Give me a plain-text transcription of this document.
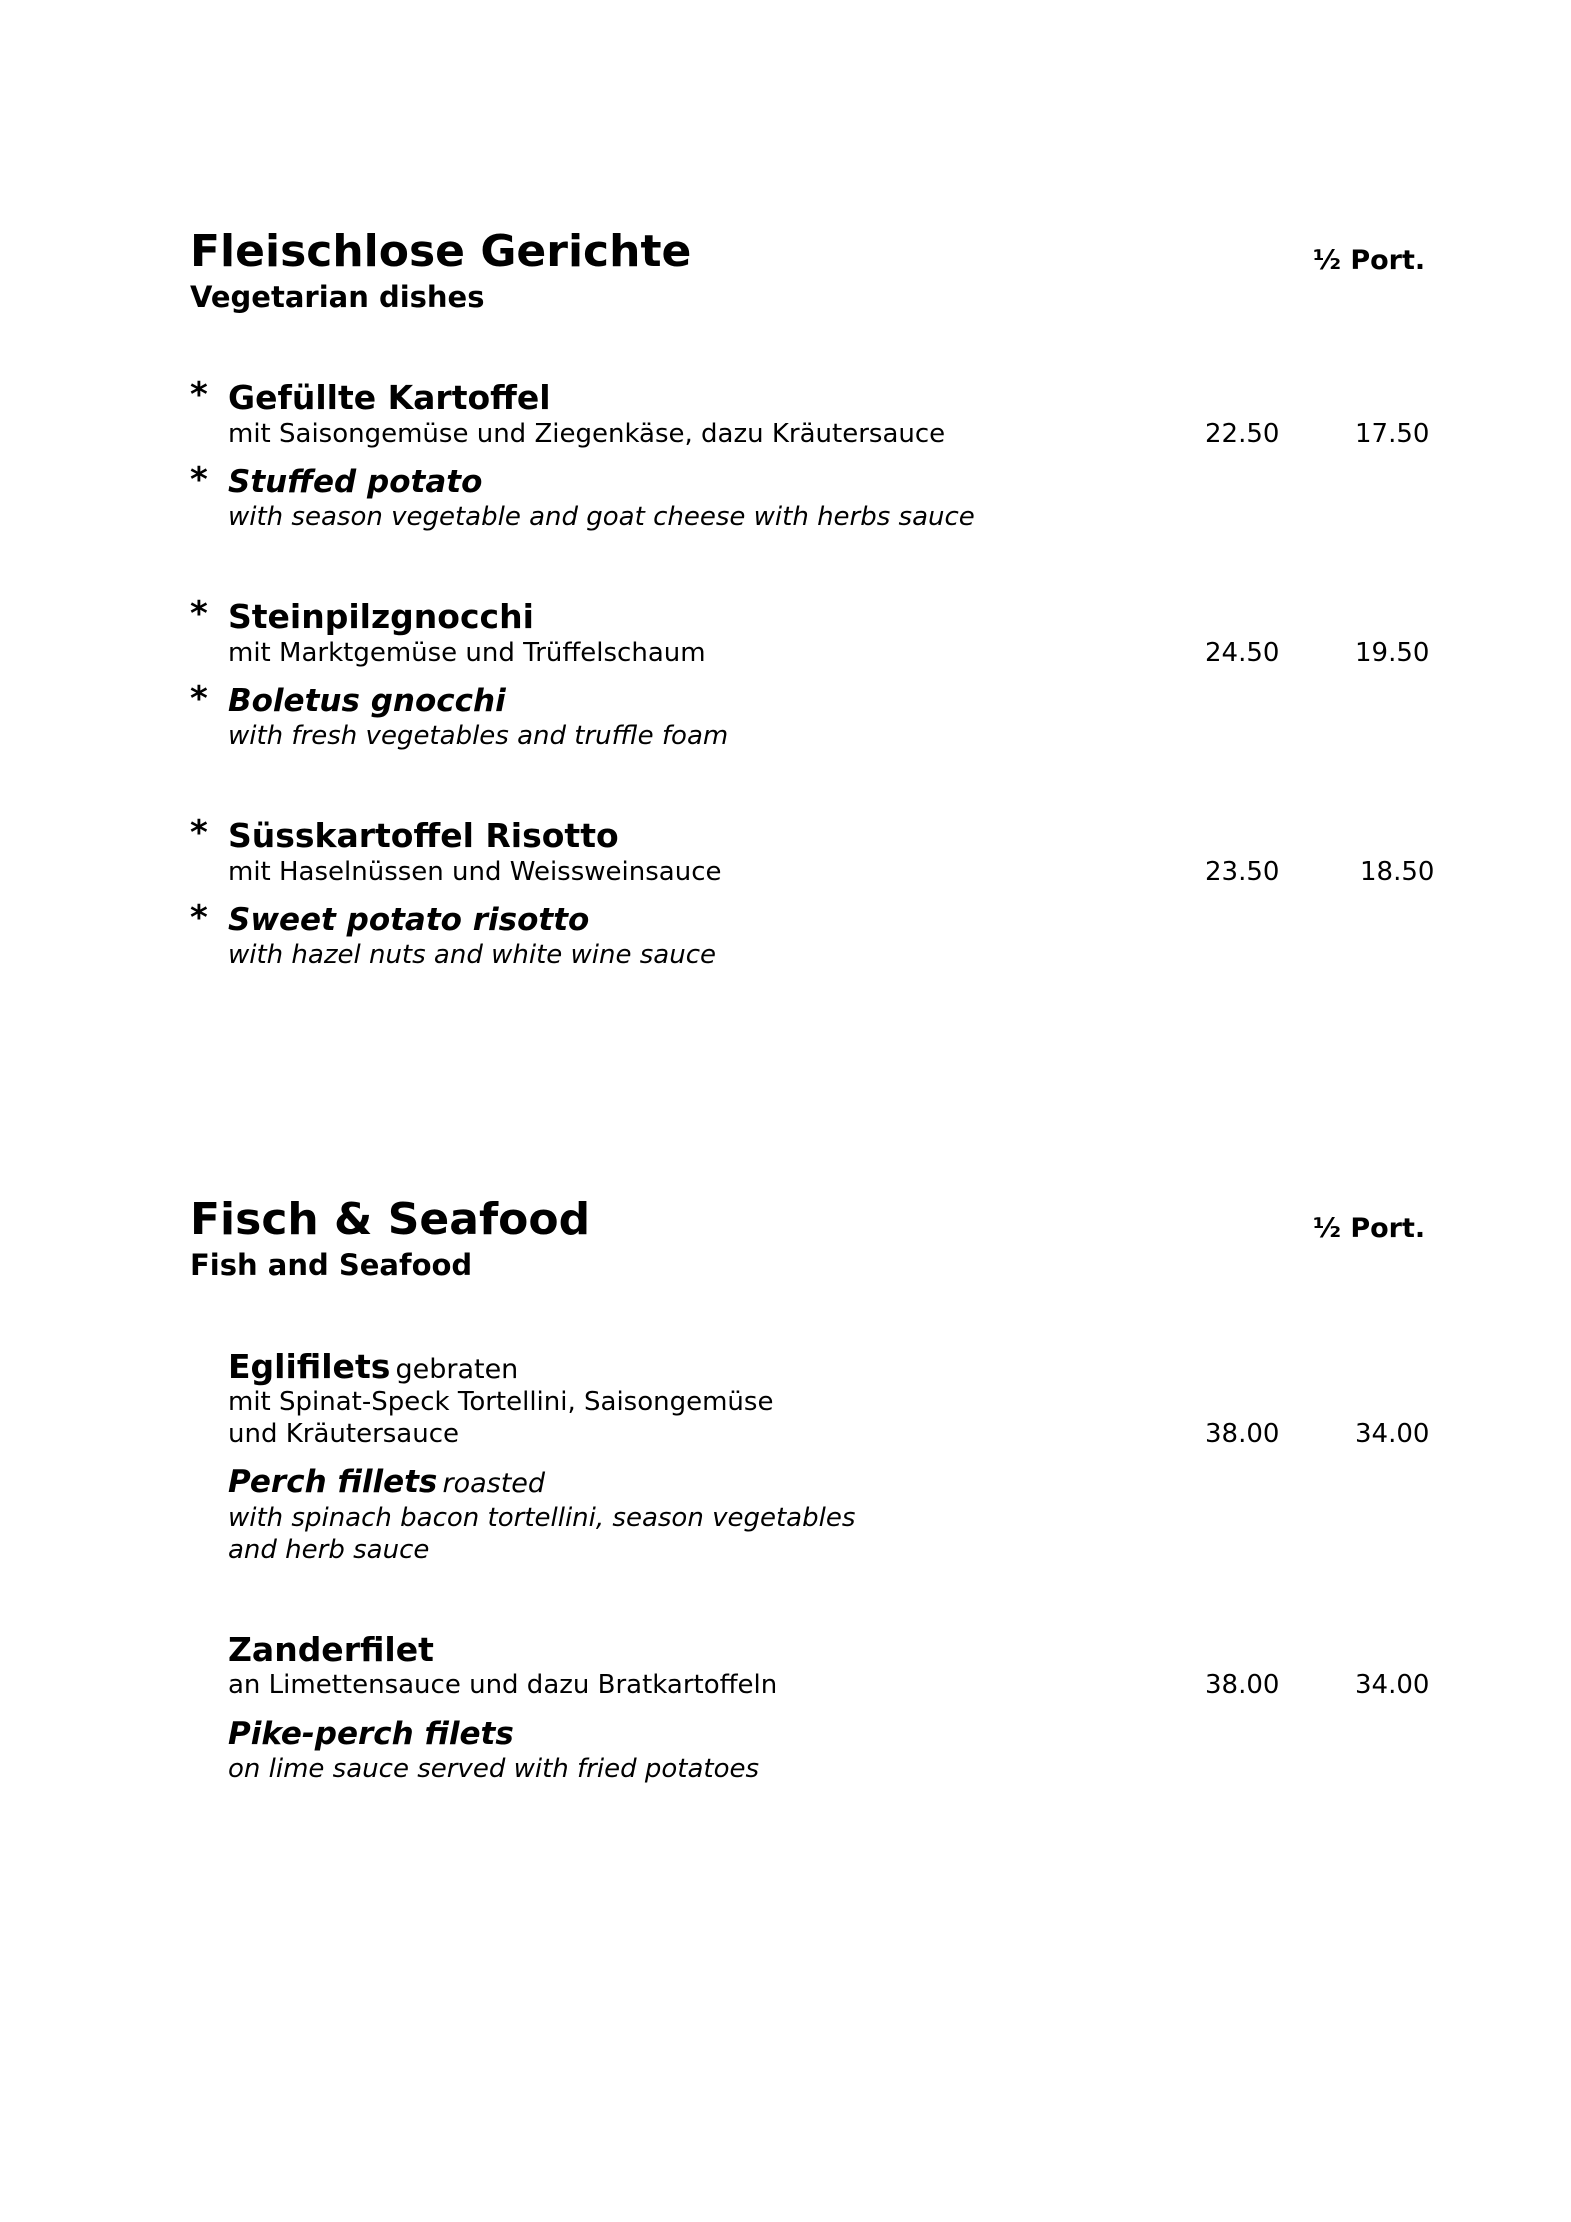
Fleischlose Gerichte
Vegetarian dishes
½ Port.
* Gefüllte Kartoffel
mit Saisongemüse und Ziegenkäse, dazu Kräutersauce	22.50	17.50
* Stuffed potato
with season vegetable and goat cheese with herbs sauce
* Steinpilzgnocchi
mit Marktgemüse und Trüffelschaum	24.50	19.50
* Boletus gnocchi
with fresh vegetables and truffle foam
* Süsskartoffel Risotto
mit Haselnüssen und Weissweinsauce	23.50	18.50
* Sweet potato risotto
with hazel nuts and white wine sauce
Fisch & Seafood
Fish and Seafood
½ Port.
Eglifilets gebraten
mit Spinat-Speck Tortellini, Saisongemüse
und Kräutersauce	38.00	34.00
Perch fillets roasted
with spinach bacon tortellini, season vegetables
and herb sauce
Zanderfilet
an Limettensauce und dazu Bratkartoffeln	38.00	34.00
Pike-perch filets
on lime sauce served with fried potatoes
